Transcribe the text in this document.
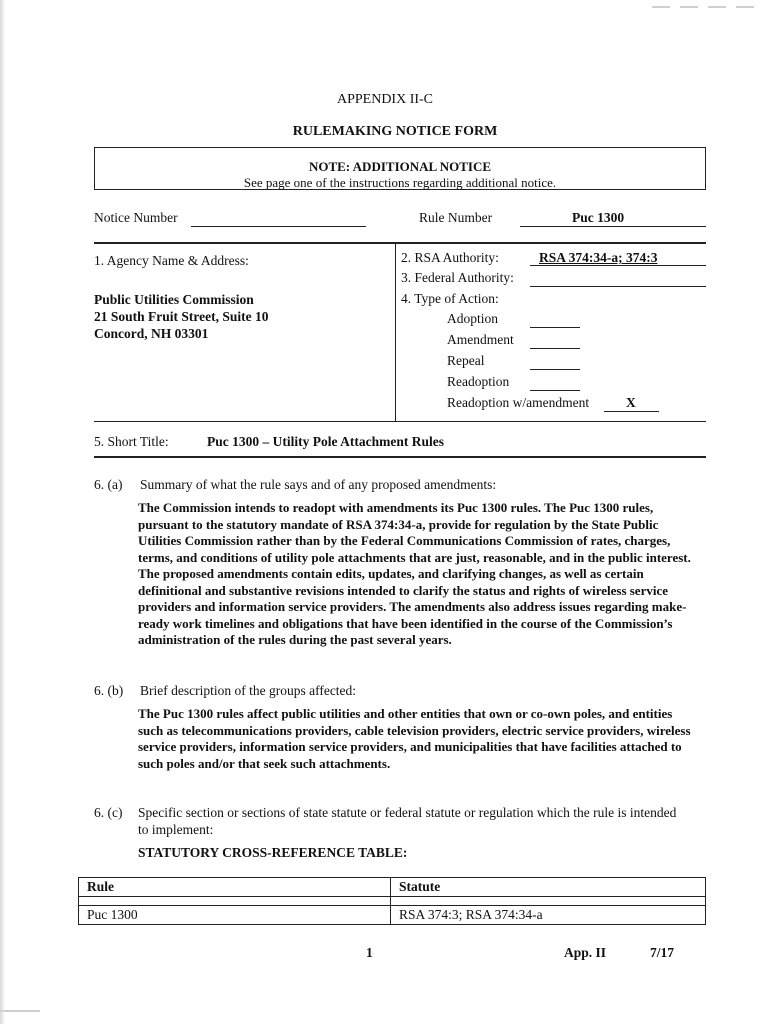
APPENDIX II-C
RULEMAKING NOTICE FORM
NOTE: ADDITIONAL NOTICE
See page one of the instructions regarding additional notice.
Notice Number	Rule Number	Puc 1300
1. Agency Name & Address:
Public Utilities Commission
21 South Fruit Street, Suite 10
Concord, NH 03301
2. RSA Authority:	RSA 374:34-a; 374:3
3. Federal Authority:
4. Type of Action:
Adoption
Amendment
Repeal
Readoption
Readoption w/amendment	X
5. Short Title:	Puc 1300 – Utility Pole Attachment Rules
6. (a) Summary of what the rule says and of any proposed amendments:
The Commission intends to readopt with amendments its Puc 1300 rules. The Puc 1300 rules, pursuant to the statutory mandate of RSA 374:34-a, provide for regulation by the State Public Utilities Commission rather than by the Federal Communications Commission of rates, charges, terms, and conditions of utility pole attachments that are just, reasonable, and in the public interest. The proposed amendments contain edits, updates, and clarifying changes, as well as certain definitional and substantive revisions intended to clarify the status and rights of wireless service providers and information service providers. The amendments also address issues regarding make-ready work timelines and obligations that have been identified in the course of the Commission’s administration of the rules during the past several years.
6. (b) Brief description of the groups affected:
The Puc 1300 rules affect public utilities and other entities that own or co-own poles, and entities such as telecommunications providers, cable television providers, electric service providers, wireless service providers, information service providers, and municipalities that have facilities attached to such poles and/or that seek such attachments.
6. (c) Specific section or sections of state statute or federal statute or regulation which the rule is intended
to implement:
STATUTORY CROSS-REFERENCE TABLE:
Rule	Statute

Puc 1300	RSA 374:3; RSA 374:34-a
1	App. II	7/17
